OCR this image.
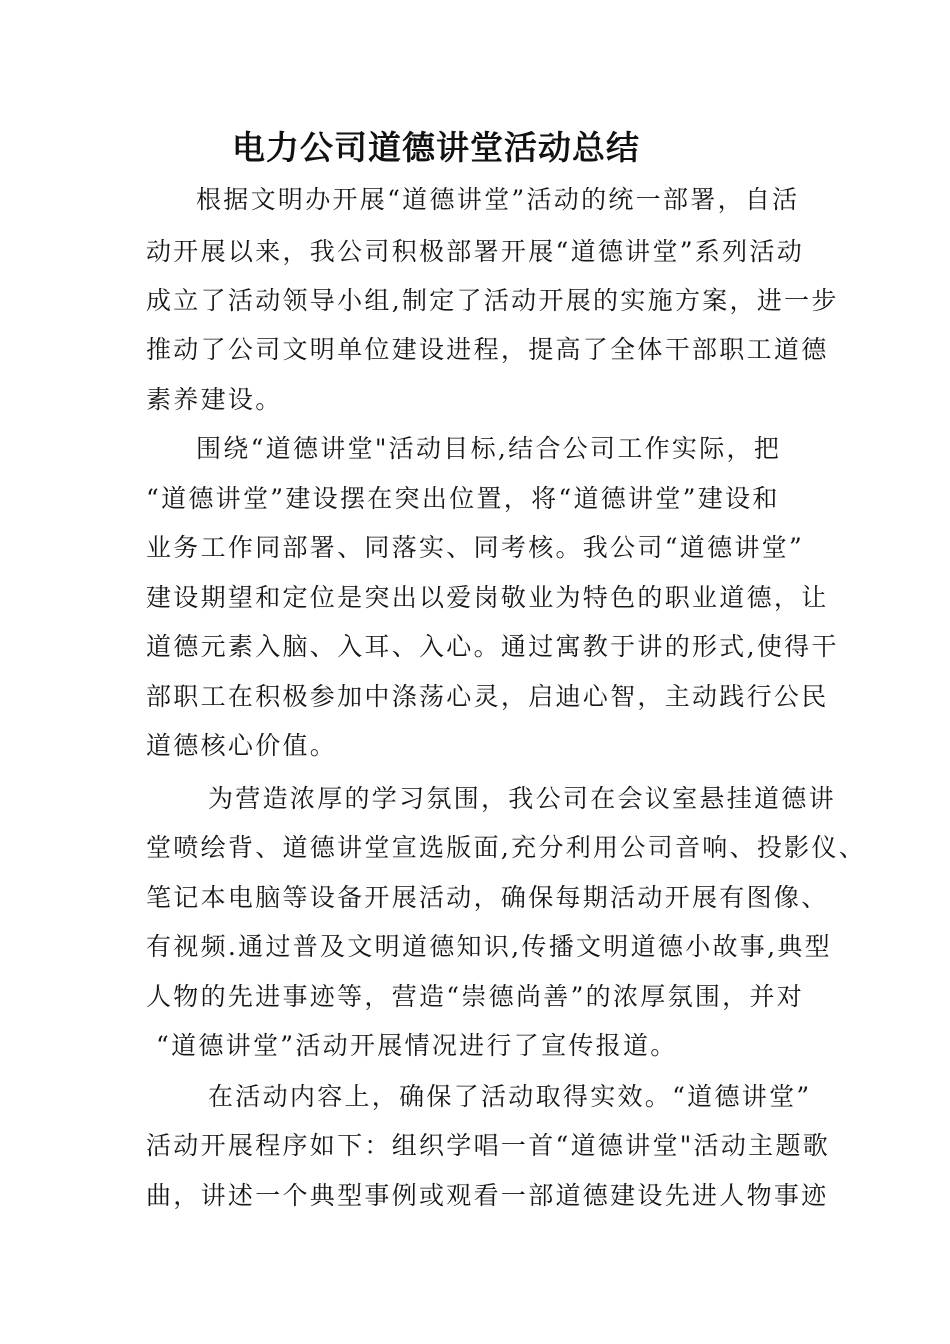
电力公司道德讲堂活动总结
根据文明办开展“道德讲堂”活动的统一部署，自活
动开展以来，我公司积极部署开展“道德讲堂”系列活动
成立了活动领导小组,制定了活动开展的实施方案，进一步
推动了公司文明单位建设进程，提高了全体干部职工道德
素养建设。
围绕“道德讲堂"活动目标,结合公司工作实际，把
“道德讲堂”建设摆在突出位置，将“道德讲堂”建设和
业务工作同部署、同落实、同考核。我公司“道德讲堂”
建设期望和定位是突出以爱岗敬业为特色的职业道德，让
道德元素入脑、入耳、入心。通过寓教于讲的形式,使得干
部职工在积极参加中涤荡心灵，启迪心智，主动践行公民
道德核心价值。
为营造浓厚的学习氛围，我公司在会议室悬挂道德讲
堂喷绘背、道德讲堂宣选版面,充分利用公司音响、投影仪、
笔记本电脑等设备开展活动，确保每期活动开展有图像、
有视频.通过普及文明道德知识,传播文明道德小故事,典型
人物的先进事迹等，营造“崇德尚善”的浓厚氛围，并对
“道德讲堂”活动开展情况进行了宣传报道。
在活动内容上，确保了活动取得实效。“道德讲堂”
活动开展程序如下：组织学唱一首“道德讲堂"活动主题歌
曲，讲述一个典型事例或观看一部道德建设先进人物事迹
